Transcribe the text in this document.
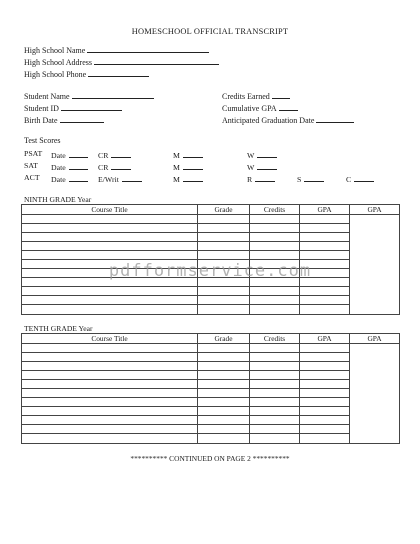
HOMESCHOOL OFFICIAL TRANSCRIPT
High School Name
High School Address
High School Phone
Student Name
Student ID
Birth Date
Credits Earned
Cumulative GPA
Anticipated Graduation Date
Test Scores
PSAT Date	CR	M	W
SAT Date	CR	M	W
ACT Date	E/Writ	M	R	S	C
NINTH GRADE Year
Course Title	Grade	Credits	GPA	GPA

TENTH GRADE Year
Course Title	Grade	Credits	GPA	GPA

pdfformservice.com
********** CONTINUED ON PAGE 2 **********
